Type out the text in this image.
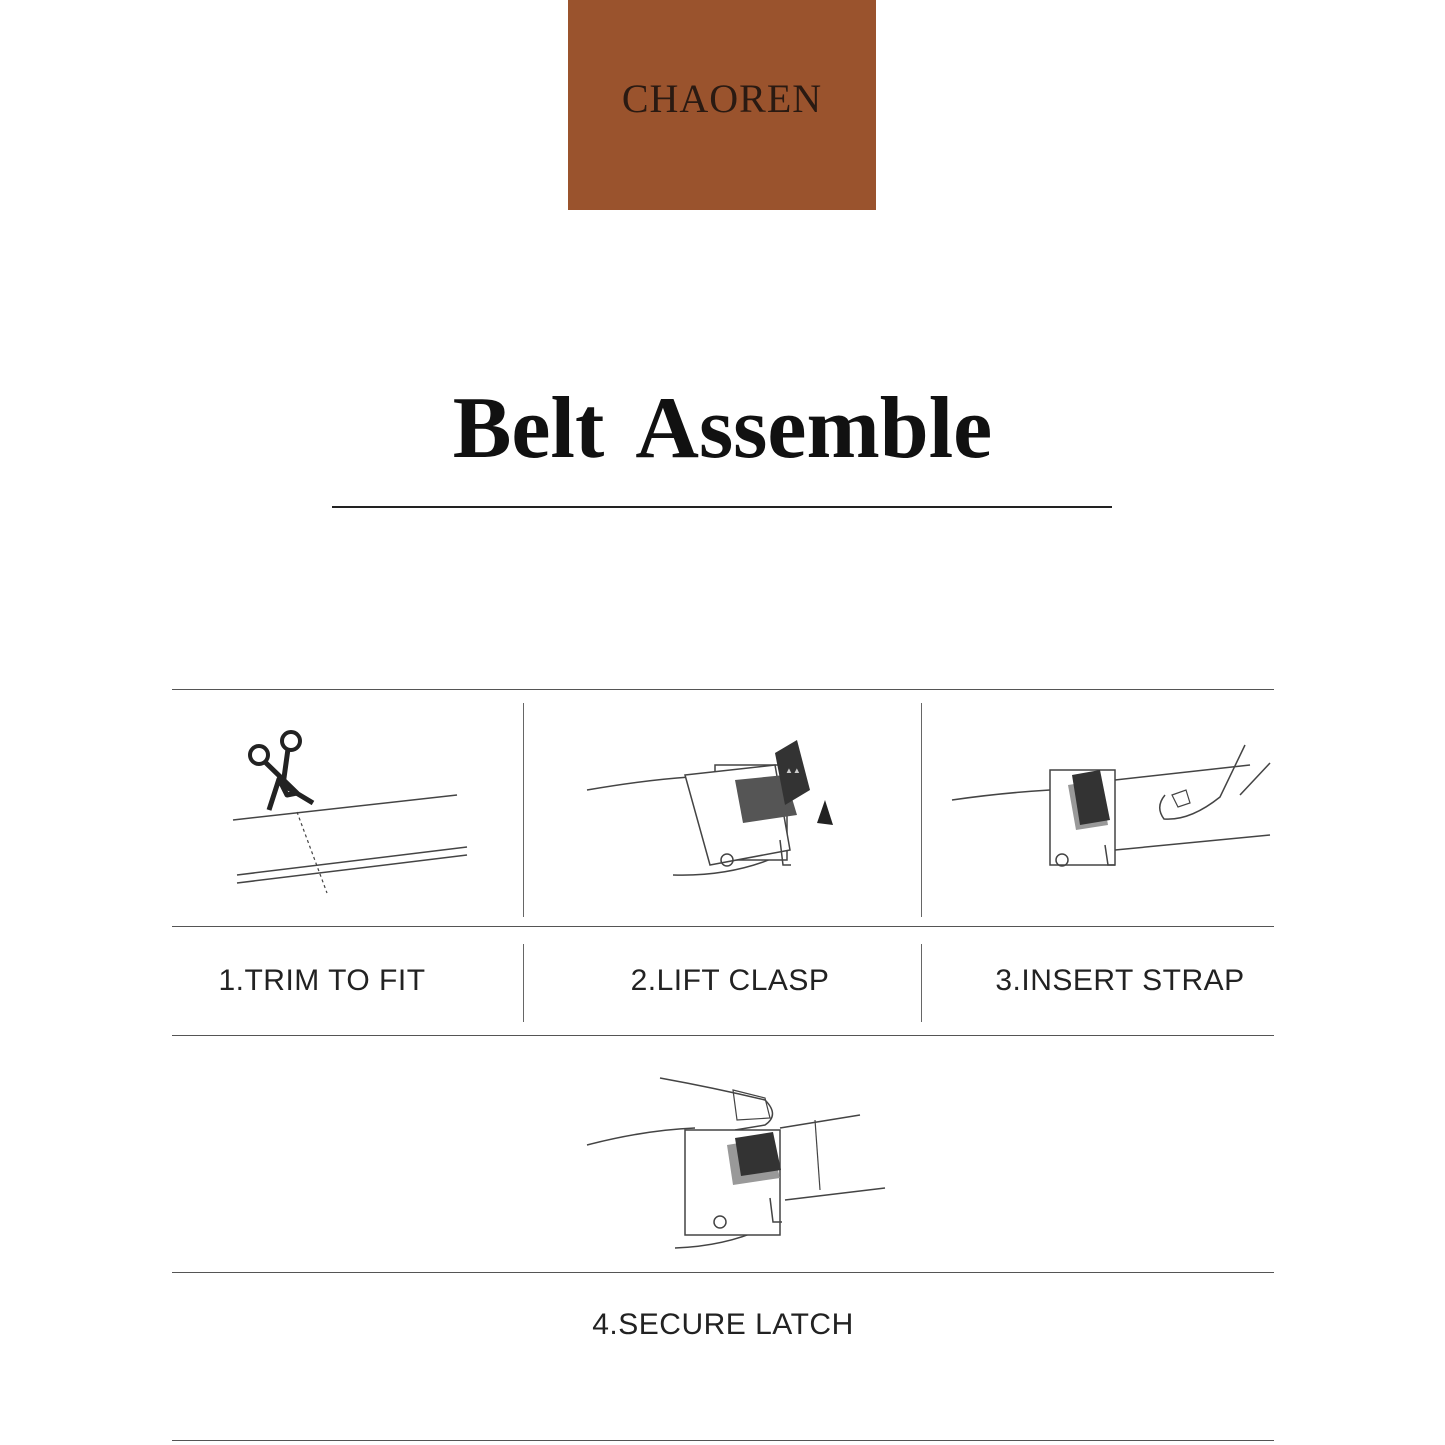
CHAOREN
Belt Assemble
▲▲
1.TRIM TO FIT	2.LIFT CLASP	3.INSERT STRAP
4.SECURE LATCH
